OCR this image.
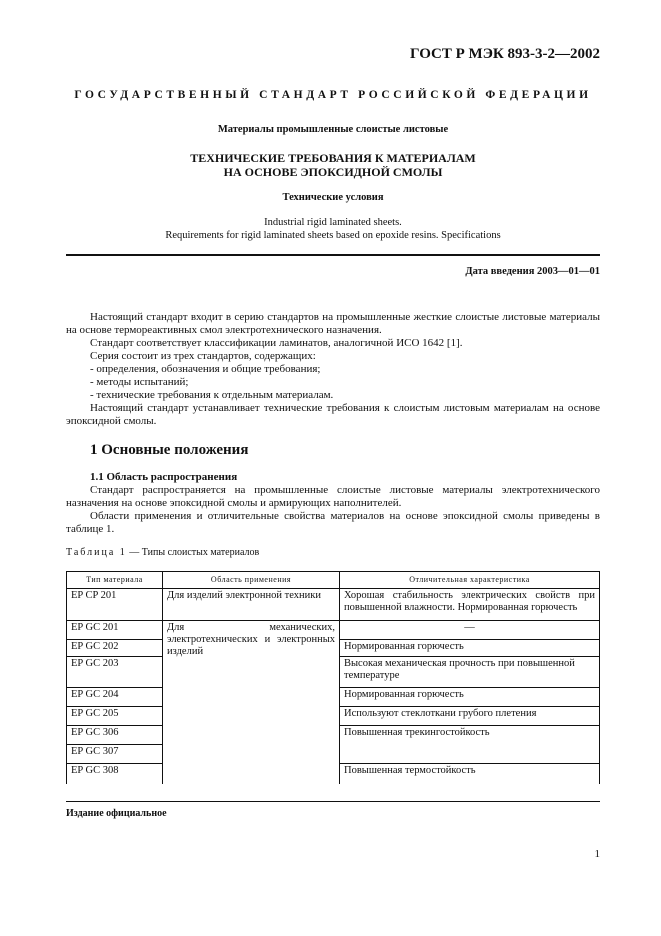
ГОСТ Р МЭК 893-3-2—2002
ГОСУДАРСТВЕННЫЙ СТАНДАРТ РОССИЙСКОЙ ФЕДЕРАЦИИ
Материалы промышленные слоистые листовые
ТЕХНИЧЕСКИЕ ТРЕБОВАНИЯ К МАТЕРИАЛАМ
НА ОСНОВЕ ЭПОКСИДНОЙ СМОЛЫ
Технические условия
Industrial rigid laminated sheets.
Requirements for rigid laminated sheets based on epoxide resins. Specifications
Дата введения 2003—01—01

Настоящий стандарт входит в серию стандартов на промышленные жесткие слоистые листовые материалы на основе термореактивных смол электротехнического назначения.

Стандарт соответствует классификации ламинатов, аналогичной ИСО 1642 [1].

Серия состоит из трех стандартов, содержащих:

- определения, обозначения и общие требования;

- методы испытаний;

- технические требования к отдельным материалам.

Настоящий стандарт устанавливает технические требования к слоистым листовым материалам на основе эпоксидной смолы.

1 Основные положения

1.1 Область распространения

Стандарт распространяется на промышленные слоистые листовые материалы электротехнического назначения на основе эпоксидной смолы и армирующих наполнителей.

Области применения и отличительные свойства материалов на основе эпоксидной смолы приведены в таблице 1.

Таблица 1 — Типы слоистых материалов
Тип материала	Область применения	Отличительная характеристика
EP CP 201	Для изделий электронной техники	Хорошая стабильность электрических свойств при повышенной влажности. Нормированная горючесть
EP GC 201	Для механических, электротехнических и электронных изделий	—
EP GC 202		Нормированная горючесть
EP GC 203		Высокая механическая прочность при повышенной температуре
EP GC 204		Нормированная горючесть
EP GC 205		Используют стеклоткани грубого плетения
EP GC 306		Повышенная трекингостойкость
EP GC 307		
EP GC 308		Повышенная термостойкость
Издание официальное
1
